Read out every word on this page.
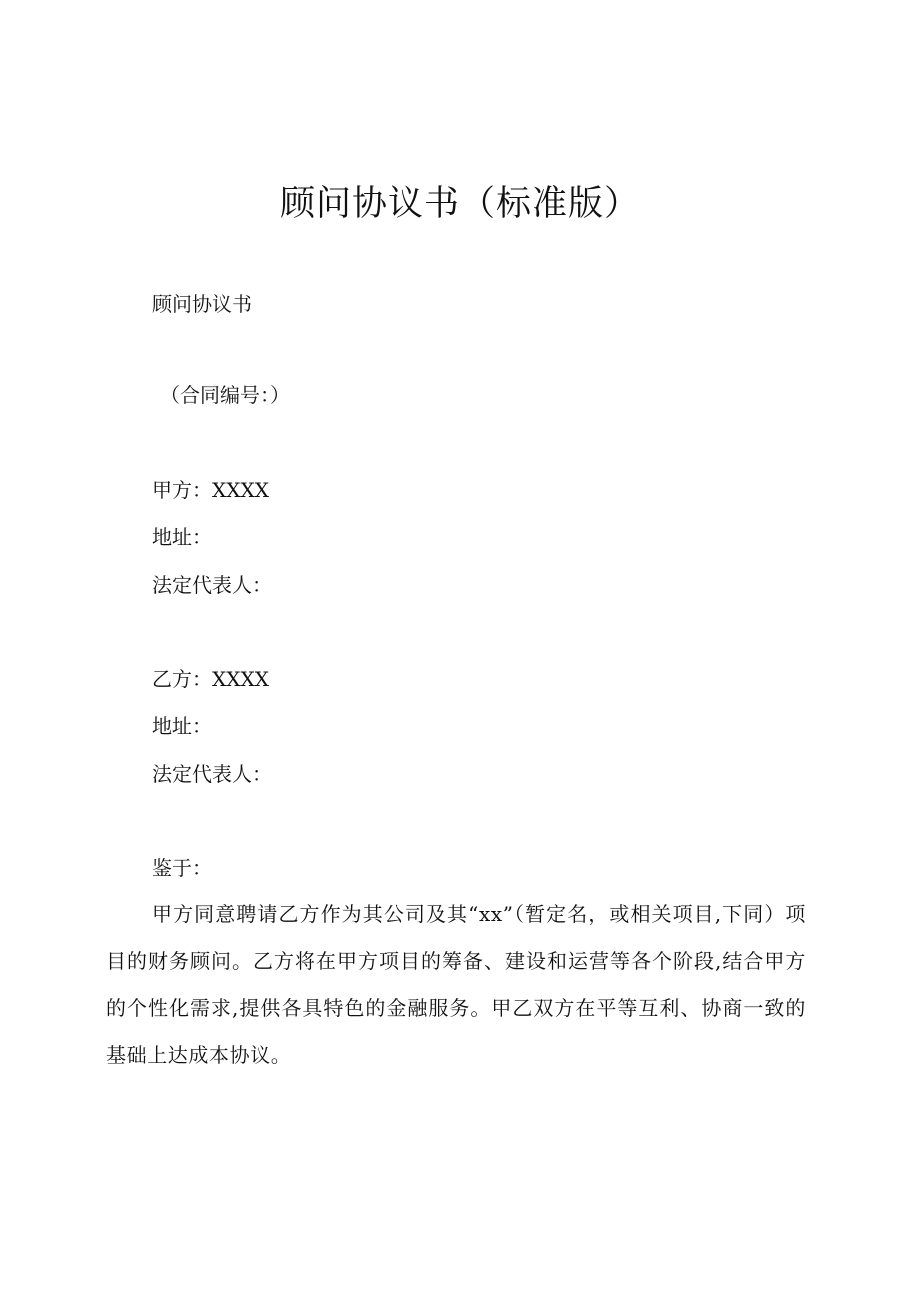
顾问协议书（标准版）
顾问协议书
（合同编号：）
甲方：XXXX
地址：
法定代表人：
乙方：XXXX
地址：
法定代表人：
鉴于：
甲方同意聘请乙方作为其公司及其“xx”（暂定名，或相关项目,下同）项目的财务顾问。乙方将在甲方项目的筹备、建设和运营等各个阶段,结合甲方的个性化需求,提供各具特色的金融服务。甲乙双方在平等互利、协商一致的基础上达成本协议。
